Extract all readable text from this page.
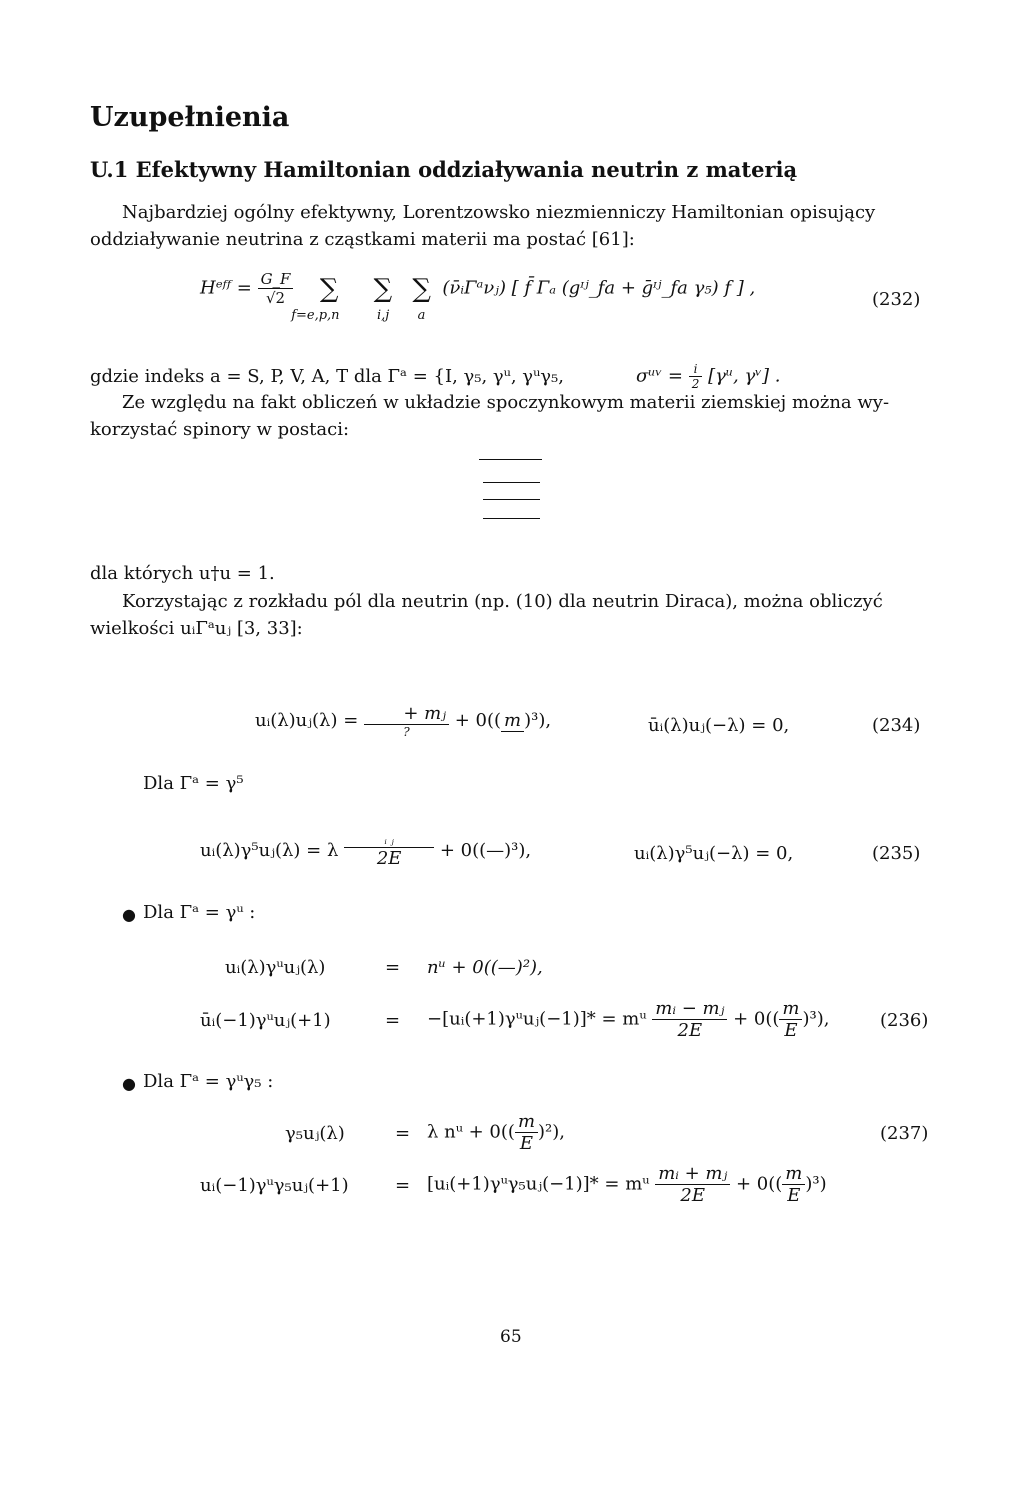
Uzupełnienia
U.1 Efektywny Hamiltonian oddziaływania neutrin z materią
Najbardziej ogólny efektywny, Lorentzowsko niezmienniczy Hamiltonian opisujący
oddziaływanie neutrina z cząstkami materii ma postać [61]:
Hᵉᶠᶠ = $\frac{G\_F}{√2}$ ∑
f=e,p,n
∑
i,j
∑
a
(ν̄ᵢΓᵃνⱼ) [ f̄ Γₐ (gᶦʲ_fa + ḡᶦʲ_fa γ₅) f ] ,
(232)
gdzie indeks a = S, P, V, A, T dla Γᵃ = {I, γ₅, γᵘ, γᵘγ₅,	σᵘᵛ = $\frac{i}{2}$ [γᵘ, γᵛ] .
Ze względu na fakt obliczeń w układzie spoczynkowym materii ziemskiej można wy-
korzystać spinory w postaci:
dla których u†u = 1.
Korzystając z rozkładu pól dla neutrin (np. (10) dla neutrin Diraca), można obliczyć
wielkości uᵢΓᵃuⱼ [3, 33]:
uᵢ(λ)uⱼ(λ) = $\frac{\text{+ mⱼ}}{?} + 0$(( m )³),	ūᵢ(λ)uⱼ(−λ) = 0,	(234)
Dla Γᵃ = γ⁵
uᵢ(λ)γ⁵uⱼ(λ) = λ $\frac{\text{ᵢ ⱼ}}{2E}$ + 0((—)³),	uᵢ(λ)γ⁵uⱼ(−λ) = 0,	(235)
● Dla Γᵃ = γᵘ :
uᵢ(λ)γᵘuⱼ(λ)	= nᵘ + 0((—)²),
ūᵢ(−1)γᵘuⱼ(+1)	= −[uᵢ(+1)γᵘuⱼ(−1)]* = mᵘ $\frac{\text{mᵢ − mⱼ}}{2E} + 0(( \frac{m}{E} )^3)$,	(236)
● Dla Γᵃ = γᵘγ₅ :
γ₅uⱼ(λ)	= λ nᵘ + $0(( \frac{m}{E} )^2)$,	(237)
uᵢ(−1)γᵘγ₅uⱼ(+1)	= [uᵢ(+1)γᵘγ₅uⱼ(−1)]* = mᵘ $\frac{\text{mᵢ + mⱼ}}{2E} + 0(( \frac{m}{E} )^3)$
65
